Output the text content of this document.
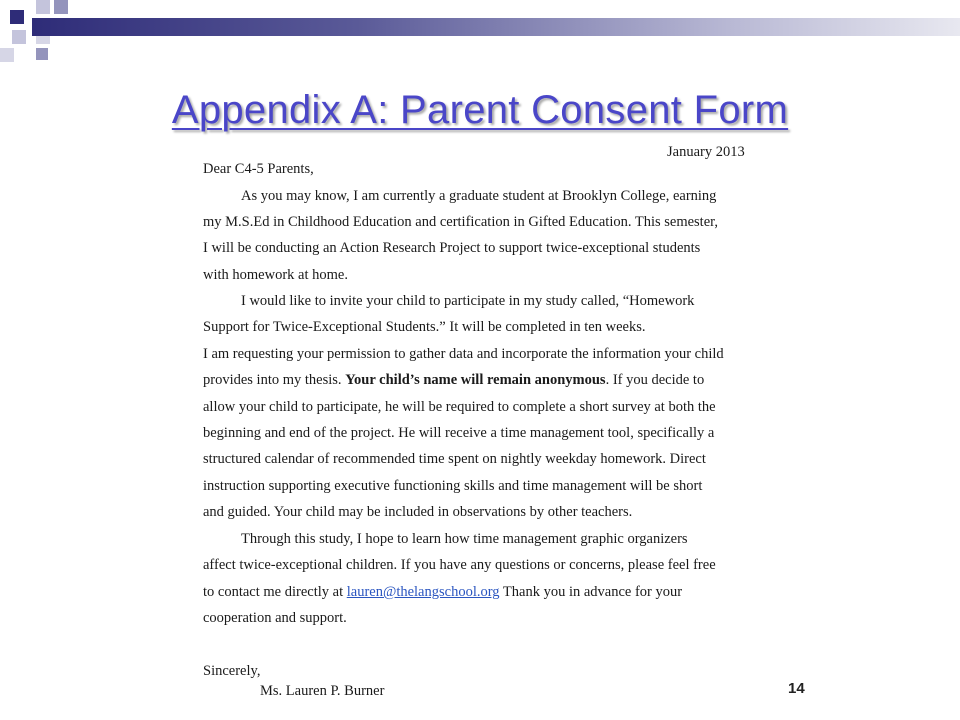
Appendix A: Parent Consent Form
January 2013
Dear C4-5 Parents,
As you may know, I am currently a graduate student at Brooklyn College, earning
my M.S.Ed in Childhood Education and certification in Gifted Education. This semester,
I will be conducting an Action Research Project to support twice-exceptional students
with homework at home.
I would like to invite your child to participate in my study called, “Homework
Support for Twice-Exceptional Students.” It will be completed in ten weeks.
I am requesting your permission to gather data and incorporate the information your child
provides into my thesis. Your child’s name will remain anonymous. If you decide to
allow your child to participate, he will be required to complete a short survey at both the
beginning and end of the project. He will receive a time management tool, specifically a
structured calendar of recommended time spent on nightly weekday homework. Direct
instruction supporting executive functioning skills and time management will be short
and guided. Your child may be included in observations by other teachers.
Through this study, I hope to learn how time management graphic organizers
affect twice-exceptional children. If you have any questions or concerns, please feel free
to contact me directly at lauren@thelangschool.org Thank you in advance for your
cooperation and support.
Sincerely,
Ms. Lauren P. Burner	14
